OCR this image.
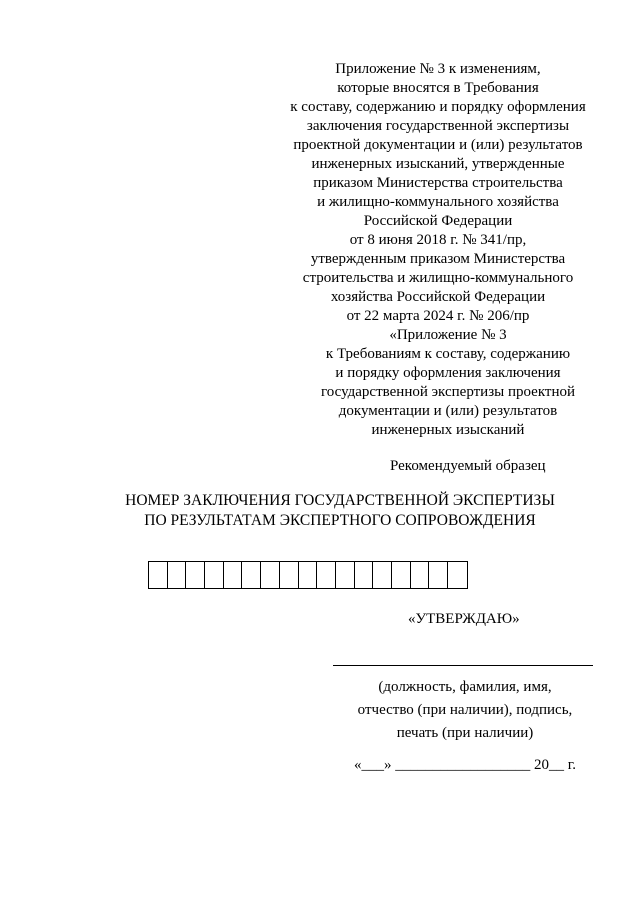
Приложение № 3 к изменениям,
которые вносятся в Требования
к составу, содержанию и порядку оформления
заключения государственной экспертизы
проектной документации и (или) результатов
инженерных изысканий, утвержденные
приказом Министерства строительства
и жилищно-коммунального хозяйства
Российской Федерации
от 8 июня 2018 г. № 341/пр,
утвержденным приказом Министерства
строительства и жилищно-коммунального
хозяйства Российской Федерации
от 22 марта 2024 г. № 206/пр
«Приложение № 3
к Требованиям к составу, содержанию
и порядку оформления заключения
государственной экспертизы проектной
документации и (или) результатов
инженерных изысканий
Рекомендуемый образец
НОМЕР ЗАКЛЮЧЕНИЯ ГОСУДАРСТВЕННОЙ ЭКСПЕРТИЗЫ
ПО РЕЗУЛЬТАТАМ ЭКСПЕРТНОГО СОПРОВОЖДЕНИЯ
«УТВЕРЖДАЮ»
(должность, фамилия, имя,
отчество (при наличии), подпись,
печать (при наличии)
«___» __________________ 20__ г.
